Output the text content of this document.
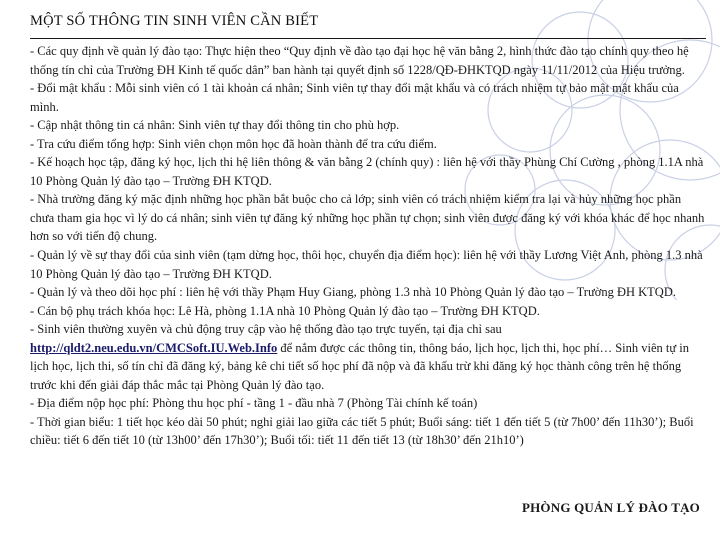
MỘT SỐ THÔNG TIN SINH VIÊN CẦN BIẾT

- Các quy định về quản lý đào tạo: Thực hiện theo “Quy định về đào tạo đại học hệ văn bằng 2, hình thức đào tạo chính quy theo hệ thống tín chỉ của Trường ĐH Kinh tế quốc dân” ban hành tại quyết định số 1228/QĐ-ĐHKTQD ngày 11/11/2012 của Hiệu trưởng.

- Đổi mật khẩu : Mỗi sinh viên có 1 tài khoản cá nhân; Sinh viên tự thay đổi mật khẩu và có trách nhiệm tự bảo mật mật khẩu của mình.

- Cập nhật thông tin cá nhân: Sinh viên tự thay đổi thông tin cho phù hợp.

- Tra cứu điểm tổng hợp: Sinh viên chọn môn học đã hoàn thành để tra cứu điểm.

- Kế hoạch học tập, đăng ký học, lịch thi hệ liên thông & văn bằng 2 (chính quy) : liên hệ với thầy Phùng Chí Cường , phòng 1.1A nhà 10 Phòng Quản lý đào tạo – Trường ĐH KTQD.

- Nhà trường đăng ký mặc định những học phần bắt buộc cho cả lớp; sinh viên có trách nhiệm kiểm tra lại và hủy những học phần chưa tham gia học vì lý do cá nhân; sinh viên tự đăng ký những học phần tự chọn; sinh viên được đăng ký với khóa khác để học nhanh hơn so với tiến độ chung.

- Quản lý về sự thay đổi của sinh viên (tạm dừng học, thôi học, chuyển địa điểm học): liên hệ với thầy Lương Việt Anh, phòng 1.3 nhà 10 Phòng Quản lý đào tạo – Trường ĐH KTQD.

- Quản lý và theo dõi học phí : liên hệ với thầy Phạm Huy Giang, phòng 1.3 nhà 10 Phòng Quản lý đào tạo – Trường ĐH KTQD.

- Cán bộ phụ trách khóa học: Lê Hà, phòng 1.1A nhà 10 Phòng Quản lý đào tạo – Trường ĐH KTQD.

- Sinh viên thường xuyên và chủ động truy cập vào hệ thống đào tạo trực tuyến, tại địa chỉ sau http://qldt2.neu.edu.vn/CMCSoft.IU.Web.Info để nắm được các thông tin, thông báo, lịch học, lịch thi, học phí… Sinh viên tự in lịch học, lịch thi, số tín chỉ đã đăng ký, bảng kê chi tiết số học phí đã nộp và đã khấu trừ khi đăng ký học thành công trên hệ thống trước khi đến giải đáp thắc mắc tại Phòng Quản lý đào tạo.

- Địa điểm nộp học phí: Phòng thu học phí - tầng 1 - đầu nhà 7 (Phòng Tài chính kế toán)

- Thời gian biểu: 1 tiết học kéo dài 50 phút; nghỉ giải lao giữa các tiết 5 phút; Buổi sáng: tiết 1 đến tiết 5 (từ 7h00’ đến 11h30’); Buổi chiều: tiết 6 đến tiết 10 (từ 13h00’ đến 17h30’); Buổi tối: tiết 11 đến tiết 13 (từ 18h30’ đến 21h10’)

PHÒNG QUẢN LÝ ĐÀO TẠO
